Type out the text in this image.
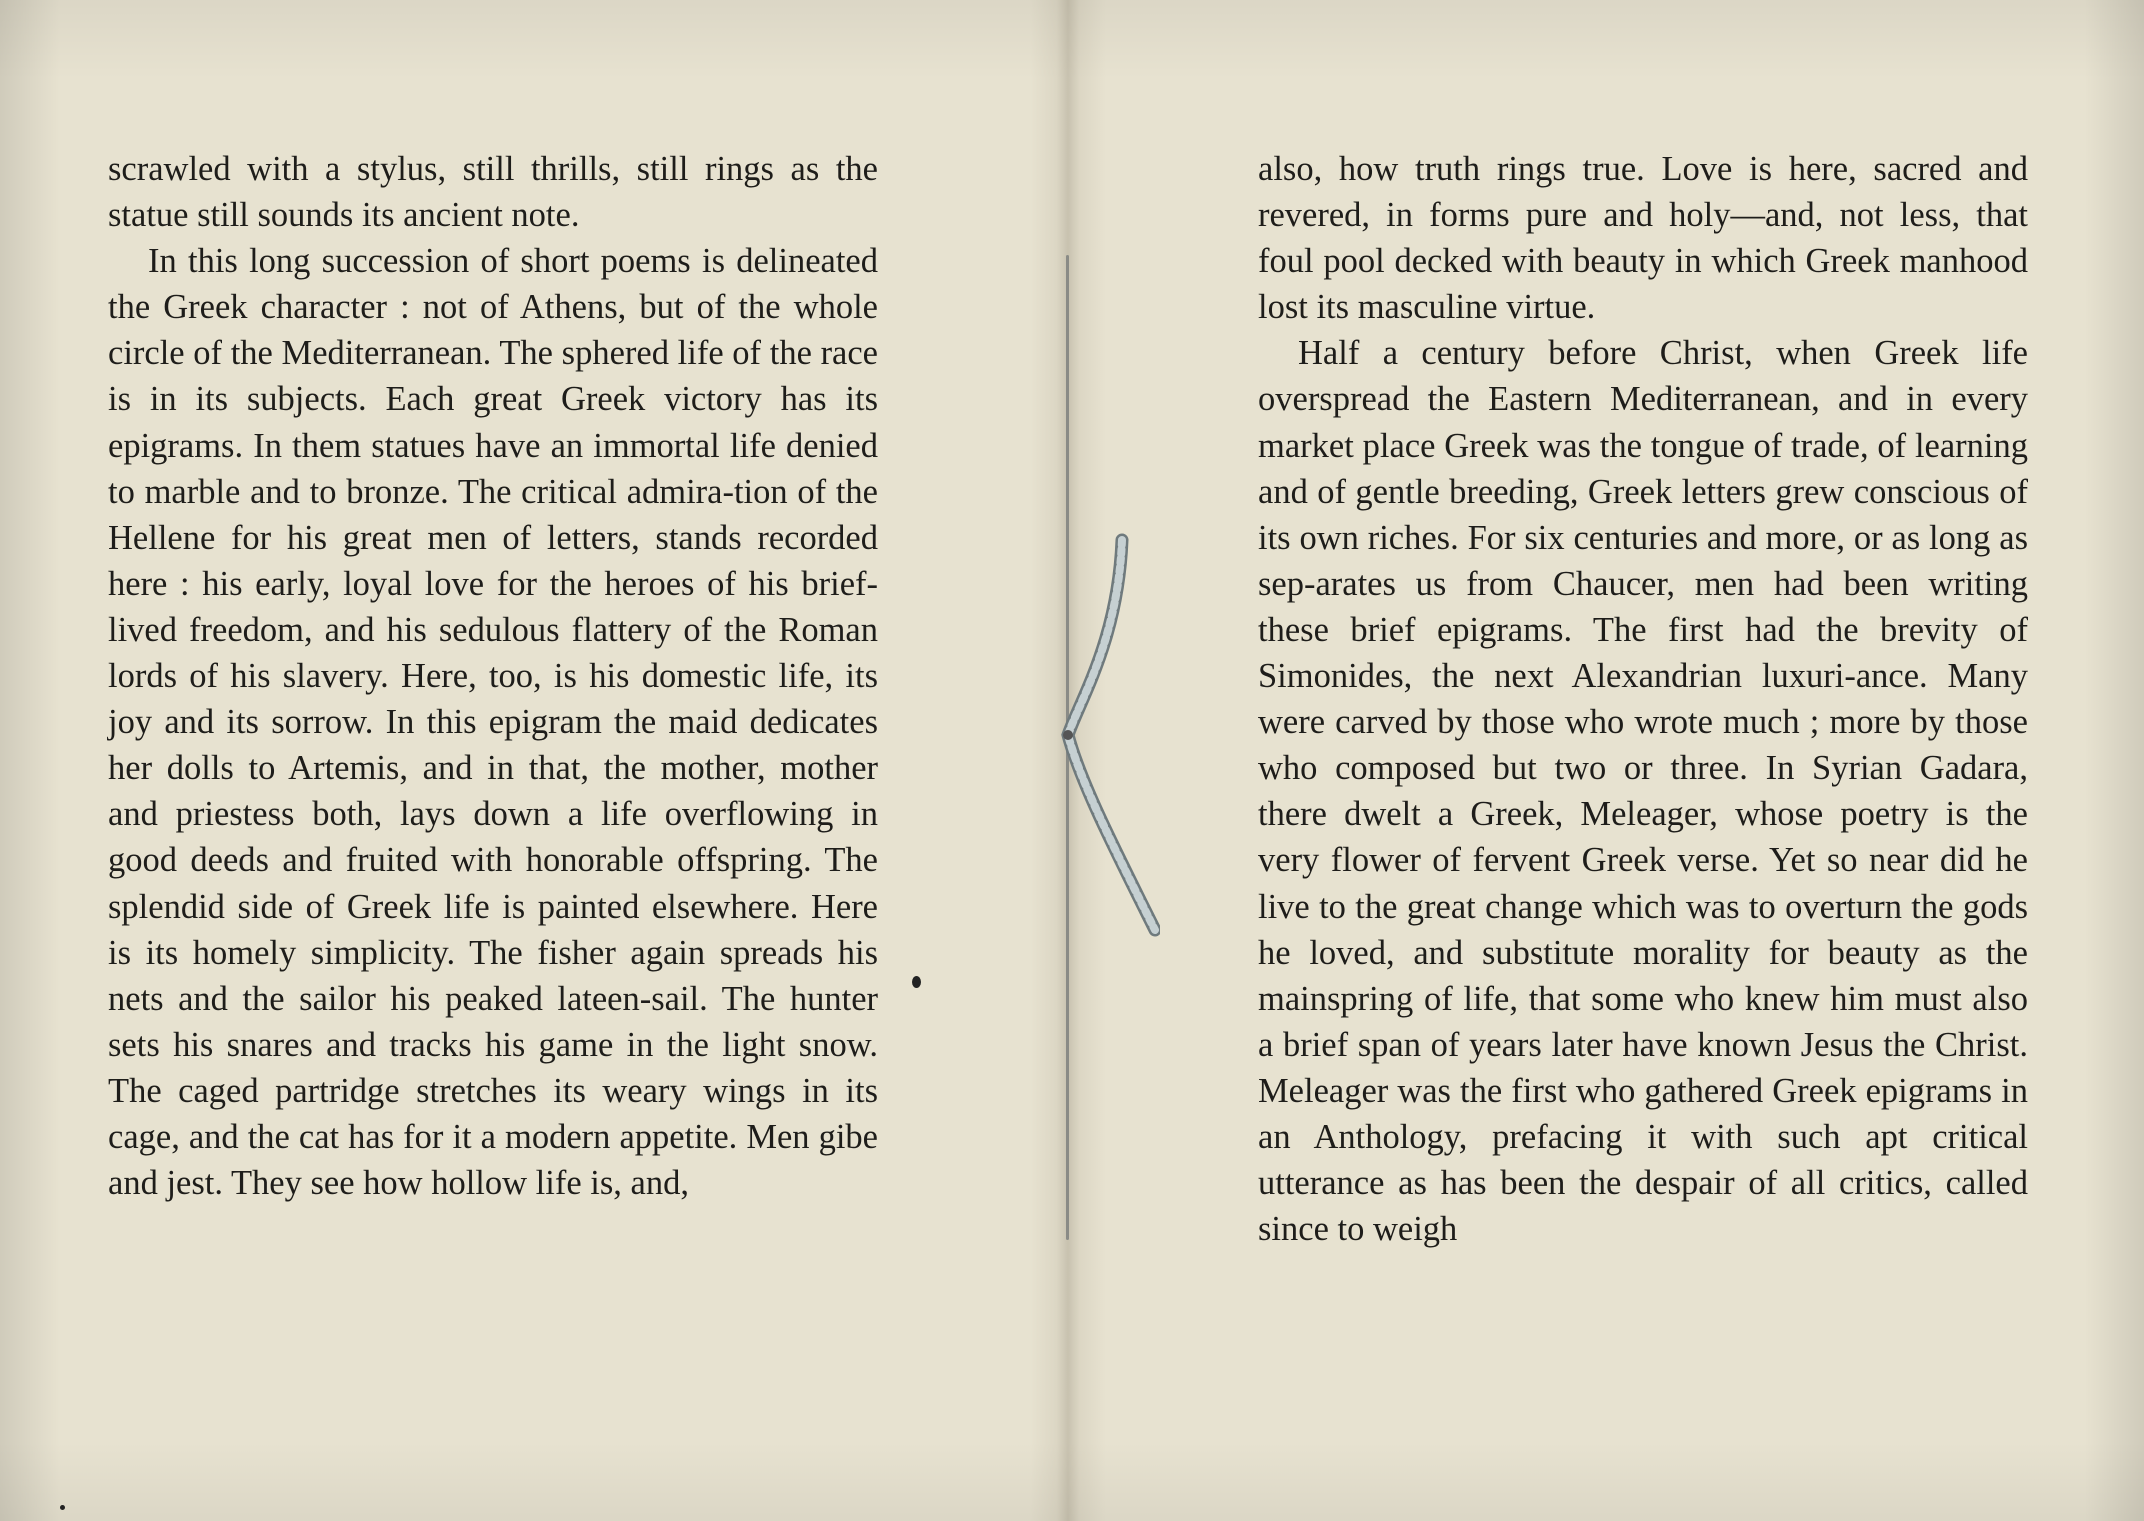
scrawled with a stylus, still thrills, still rings as the statue still sounds its ancient note.

In this long succession of short poems is delineated the Greek character : not of Athens, but of the whole circle of the Mediterranean. The sphered life of the race is in its subjects. Each great Greek victory has its epigrams. In them statues have an immortal life denied to marble and to bronze. The critical admira-tion of the Hellene for his great men of letters, stands recorded here : his early, loyal love for the heroes of his brief-lived freedom, and his sedulous flattery of the Roman lords of his slavery. Here, too, is his domestic life, its joy and its sorrow. In this epigram the maid dedicates her dolls to Artemis, and in that, the mother, mother and priestess both, lays down a life overflowing in good deeds and fruited with honorable offspring. The splendid side of Greek life is painted elsewhere. Here is its homely simplicity. The fisher again spreads his nets and the sailor his peaked lateen-sail. The hunter sets his snares and tracks his game in the light snow. The caged partridge stretches its weary wings in its cage, and the cat has for it a modern appetite. Men gibe and jest. They see how hollow life is, and,

also, how truth rings true. Love is here, sacred and revered, in forms pure and holy—and, not less, that foul pool decked with beauty in which Greek manhood lost its masculine virtue.

Half a century before Christ, when Greek life overspread the Eastern Mediterranean, and in every market place Greek was the tongue of trade, of learning and of gentle breeding, Greek letters grew conscious of its own riches. For six centuries and more, or as long as sep-arates us from Chaucer, men had been writing these brief epigrams. The first had the brevity of Simonides, the next Alexandrian luxuri-ance. Many were carved by those who wrote much ; more by those who composed but two or three. In Syrian Gadara, there dwelt a Greek, Meleager, whose poetry is the very flower of fervent Greek verse. Yet so near did he live to the great change which was to overturn the gods he loved, and substitute morality for beauty as the mainspring of life, that some who knew him must also a brief span of years later have known Jesus the Christ. Meleager was the first who gathered Greek epigrams in an Anthology, prefacing it with such apt critical utterance as has been the despair of all critics, called since to weigh
